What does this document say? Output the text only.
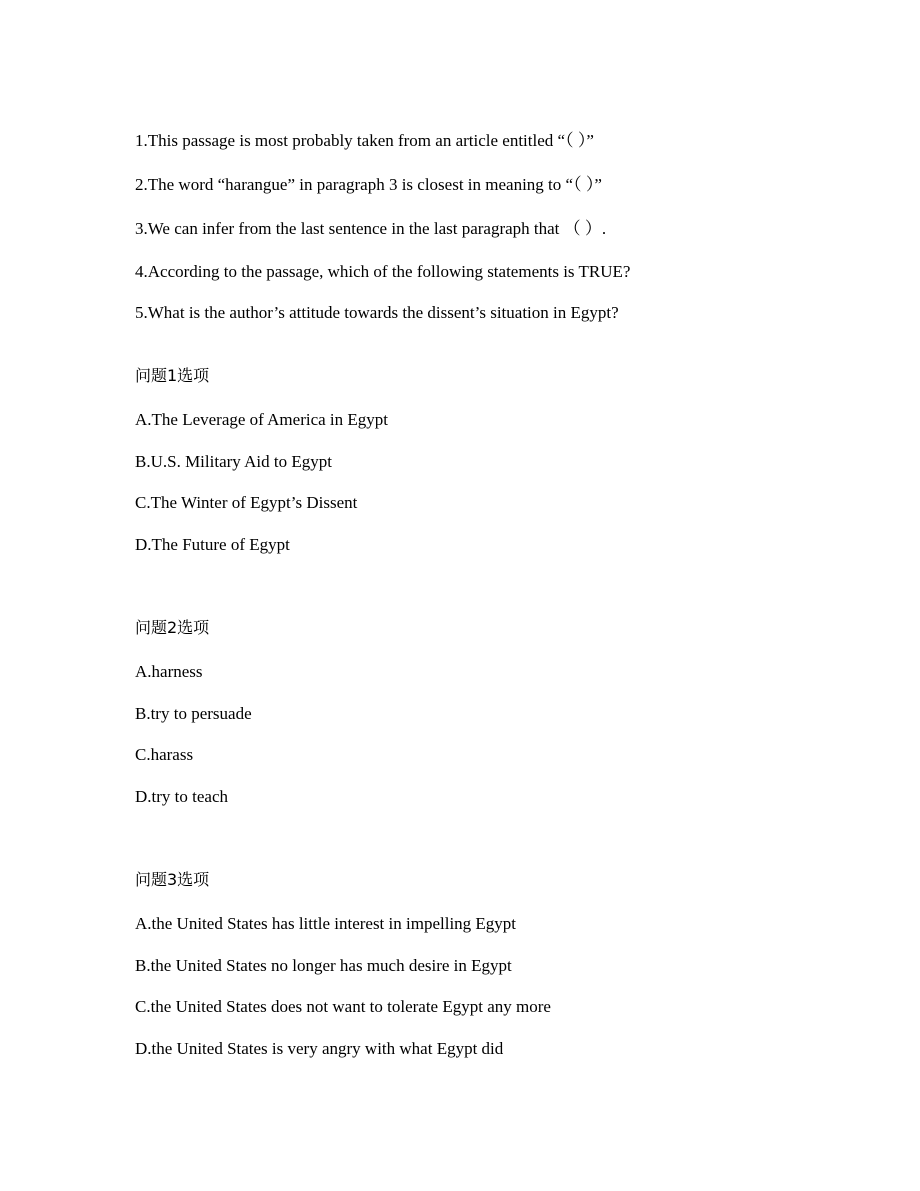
1.This passage is most probably taken from an article entitled “（ ）”
2.The word “harangue” in paragraph 3 is closest in meaning to “（ ）”
3.We can infer from the last sentence in the last paragraph that （ ）.
4.According to the passage, which of the following statements is TRUE?
5.What is the author’s attitude towards the dissent’s situation in Egypt?
问题1选项
A.The Leverage of America in Egypt
B.U.S. Military Aid to Egypt
C.The Winter of Egypt’s Dissent
D.The Future of Egypt
问题2选项
A.harness
B.try to persuade
C.harass
D.try to teach
问题3选项
A.the United States has little interest in impelling Egypt
B.the United States no longer has much desire in Egypt
C.the United States does not want to tolerate Egypt any more
D.the United States is very angry with what Egypt did
